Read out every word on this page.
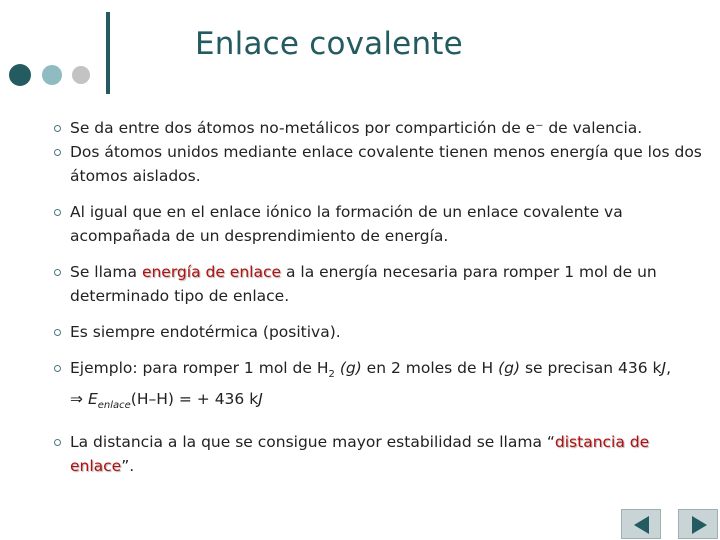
Enlace covalente
Se da entre dos átomos no-metálicos por compartición de e⁻ de valencia.
Dos átomos unidos mediante enlace covalente tienen menos energía que los dos átomos aislados.
Al igual que en el enlace iónico la formación de un enlace covalente va acompañada de un desprendimiento de energía.
Se llama energía de enlace a la energía necesaria para romper 1 mol de un determinado tipo de enlace.
Es siempre endotérmica (positiva).
Ejemplo: para romper 1 mol de $H_2$ (g) en 2 moles de H (g) se precisan 436 kJ,
⇒ $E_{enlace}(H-H)$ = + 436 kJ
La distancia a la que se consigue mayor estabilidad se llama “distancia de enlace”.
